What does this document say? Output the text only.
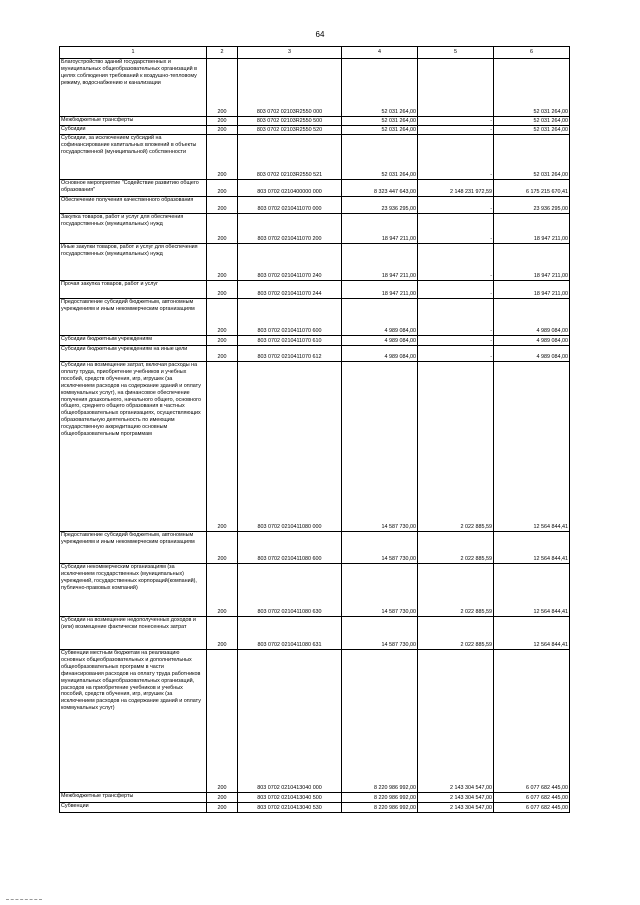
64
1	2	3	4	5	6
Благоустройство зданий государственных и муниципальных общеобразовательных организаций в целях соблюдения требований к воздушно-тепловому режиму, водоснабжению и канализации	200	803 0702 02103R2550 000	52 031 264,00		52 031 264,00
Межбюджетные трансферты	200	803 0702 02103R2550 500	52 031 264,00	-	52 031 264,00
Субсидии	200	803 0702 02103R2550 520	52 031 264,00	-	52 031 264,00
Субсидии, за исключением субсидий на софинансирование капитальных вложений в объекты государственной (муниципальной) собственности	200	803 0702 02103R2550 521	52 031 264,00	-	52 031 264,00
Основное мероприятие "Содействие развитию общего образования"	200	803 0702 0210400000 000	8 323 447 643,00	2 148 231 972,59	6 175 215 670,41
Обеспечение получения качественного образования	200	803 0702 0210411070 000	23 936 295,00	-	23 936 295,00
Закупка товаров, работ и услуг для обеспечения государственных (муниципальных) нужд	200	803 0702 0210411070 200	18 947 211,00	-	18 947 211,00
Иные закупки товаров, работ и услуг для обеспечения государственных (муниципальных) нужд	200	803 0702 0210411070 240	18 947 211,00	-	18 947 211,00
Прочая закупка товаров, работ и услуг	200	803 0702 0210411070 244	18 947 211,00	-	18 947 211,00
Предоставление субсидий бюджетным, автономным учреждениям и иным некоммерческим организациям	200	803 0702 0210411070 600	4 989 084,00	-	4 989 084,00
Субсидии бюджетным учреждениям	200	803 0702 0210411070 610	4 989 084,00	-	4 989 084,00
Субсидии бюджетным учреждениям на иные цели	200	803 0702 0210411070 612	4 989 084,00	-	4 989 084,00
Субсидии на возмещение затрат, включая расходы на оплату труда, приобретение учебников и учебных пособий, средств обучения, игр, игрушек (за исключением расходов на содержание зданий и оплату коммунальных услуг), на финансовое обеспечение получения дошкольного, начального общего, основного общего, среднего общего образования в частных общеобразовательных организациях, осуществляющих образовательную деятельность по имеющим государственную аккредитацию основным общеобразовательным программам	200	803 0702 0210411080 000	14 587 730,00	2 022 885,59	12 564 844,41
Предоставление субсидий бюджетным, автономным учреждениям и иным некоммерческим организациям	200	803 0702 0210411080 600	14 587 730,00	2 022 885,59	12 564 844,41
Субсидии некоммерческим организациям (за исключением государственных (муниципальных) учреждений, государственных корпораций(компаний), публично-правовых компаний)	200	803 0702 0210411080 630	14 587 730,00	2 022 885,59	12 564 844,41
Субсидии на возмещение недополученных доходов и (или) возмещение фактически понесенных затрат	200	803 0702 0210411080 631	14 587 730,00	2 022 885,59	12 564 844,41
Субвенции местным бюджетам на реализацию основных общеобразовательных и дополнительных общеобразовательных программ в части финансирования расходов на оплату труда работников муниципальных общеобразовательных организаций, расходов на приобретение учебников и учебных пособий, средств обучения, игр, игрушек (за исключением расходов на содержание зданий и оплату коммунальных услуг)	200	803 0702 0210413040 000	8 220 986 992,00	2 143 304 547,00	6 077 682 445,00
Межбюджетные трансферты	200	803 0702 0210413040 500	8 220 986 992,00	2 143 304 547,00	6 077 682 445,00
Субвенции	200	803 0702 0210413040 530	8 220 986 992,00	2 143 304 547,00	6 077 682 445,00
